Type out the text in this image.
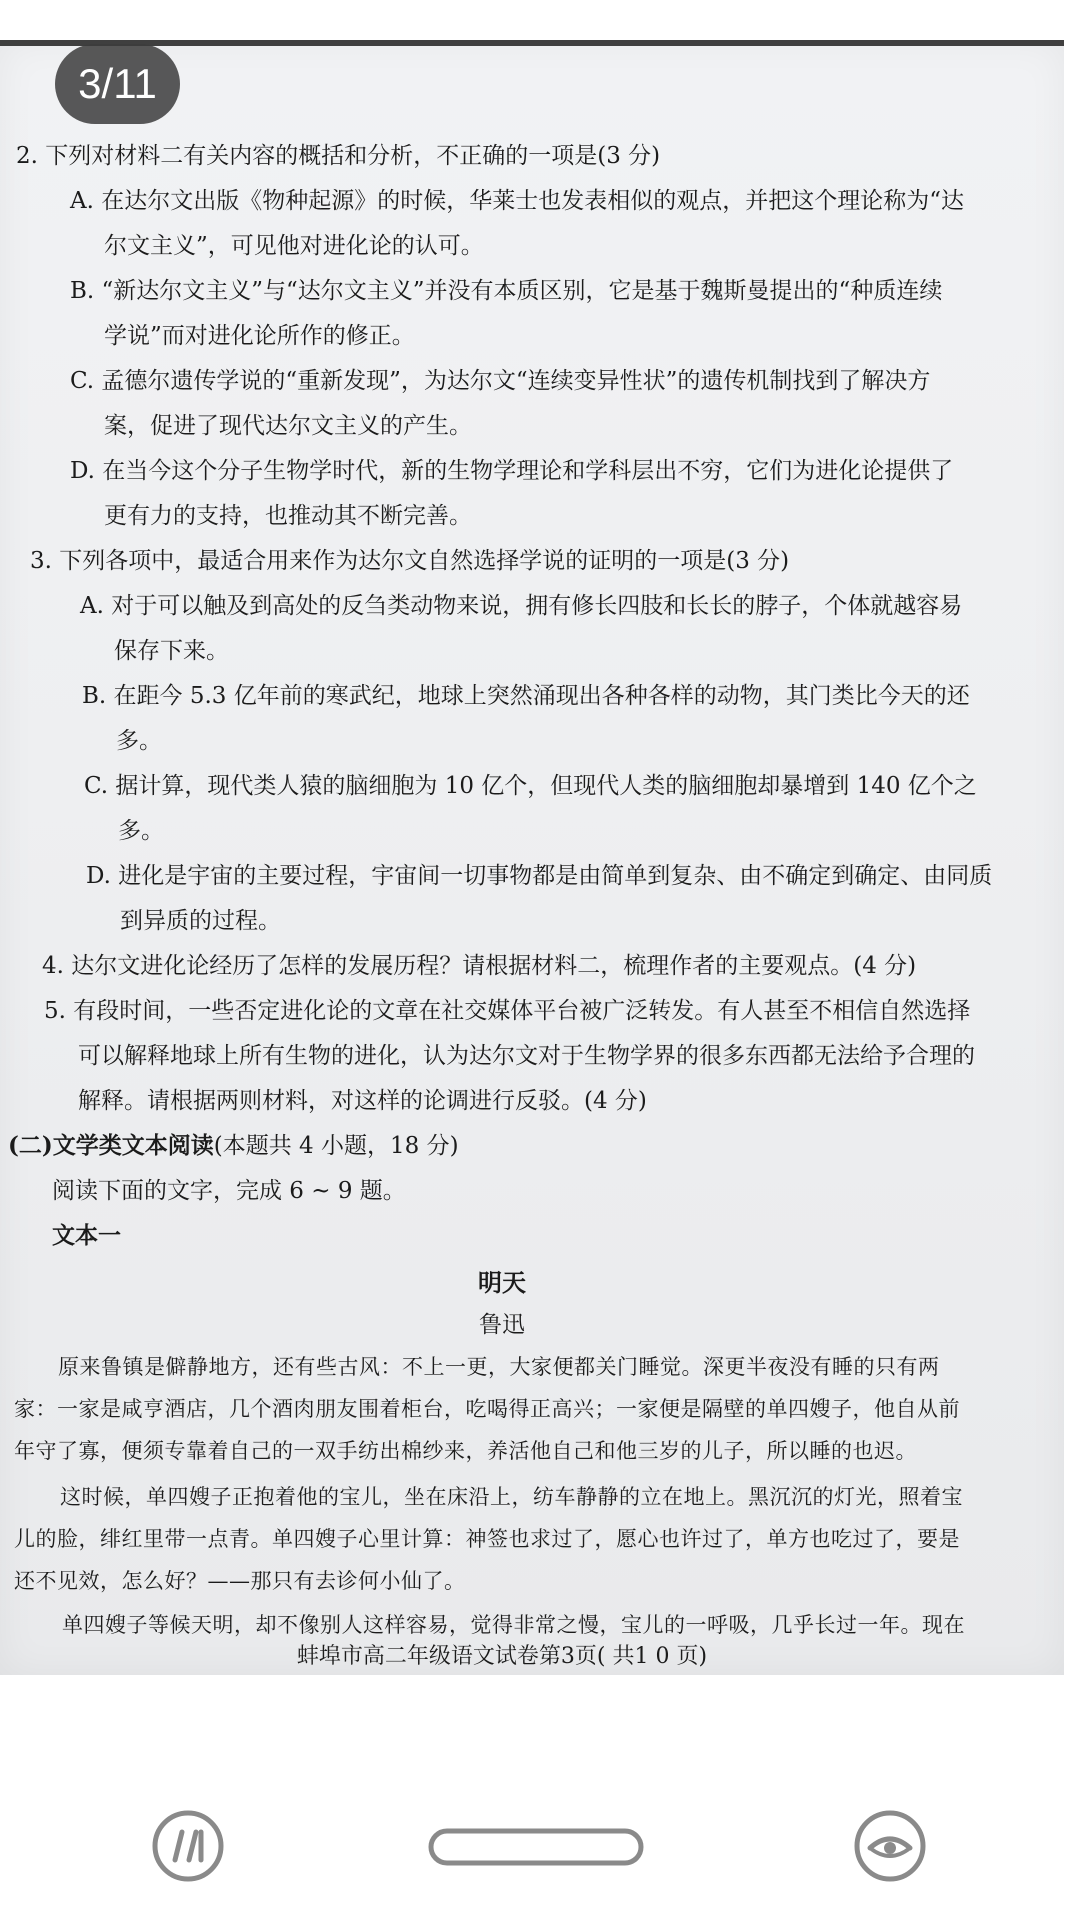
2. 下列对材料二有关内容的概括和分析，不正确的一项是(3 分)
A. 在达尔文出版《物种起源》的时候，华莱士也发表相似的观点，并把这个理论称为“达
尔文主义”，可见他对进化论的认可。
B. “新达尔文主义”与“达尔文主义”并没有本质区别，它是基于魏斯曼提出的“种质连续
学说”而对进化论所作的修正。
C. 孟德尔遗传学说的“重新发现”，为达尔文“连续变异性状”的遗传机制找到了解决方
案，促进了现代达尔文主义的产生。
D. 在当今这个分子生物学时代，新的生物学理论和学科层出不穷，它们为进化论提供了
更有力的支持，也推动其不断完善。
3. 下列各项中，最适合用来作为达尔文自然选择学说的证明的一项是(3 分)
A. 对于可以触及到高处的反刍类动物来说，拥有修长四肢和长长的脖子，个体就越容易
保存下来。
B. 在距今 5.3 亿年前的寒武纪，地球上突然涌现出各种各样的动物，其门类比今天的还
多。
C. 据计算，现代类人猿的脑细胞为 10 亿个，但现代人类的脑细胞却暴增到 140 亿个之
多。
D. 进化是宇宙的主要过程，宇宙间一切事物都是由简单到复杂、由不确定到确定、由同质
到异质的过程。
4. 达尔文进化论经历了怎样的发展历程？请根据材料二，梳理作者的主要观点。(4 分)
5. 有段时间，一些否定进化论的文章在社交媒体平台被广泛转发。有人甚至不相信自然选择
可以解释地球上所有生物的进化，认为达尔文对于生物学界的很多东西都无法给予合理的
解释。请根据两则材料，对这样的论调进行反驳。(4 分)
(二)文学类文本阅读(本题共 4 小题，18 分)
阅读下面的文字，完成 6 ~ 9 题。
文本一
明天
鲁迅
原来鲁镇是僻静地方，还有些古风：不上一更，大家便都关门睡觉。深更半夜没有睡的只有两
家：一家是咸亨酒店，几个酒肉朋友围着柜台，吃喝得正高兴；一家便是隔壁的单四嫂子，他自从前
年守了寡，便须专靠着自己的一双手纺出棉纱来，养活他自己和他三岁的儿子，所以睡的也迟。
这时候，单四嫂子正抱着他的宝儿，坐在床沿上，纺车静静的立在地上。黑沉沉的灯光，照着宝
儿的脸，绯红里带一点青。单四嫂子心里计算：神签也求过了，愿心也许过了，单方也吃过了，要是
还不见效，怎么好？——那只有去诊何小仙了。
单四嫂子等候天明，却不像别人这样容易，觉得非常之慢，宝儿的一呼吸，几乎长过一年。现在
蚌埠市高二年级语文试卷第3页( 共1 0 页)
3/11
